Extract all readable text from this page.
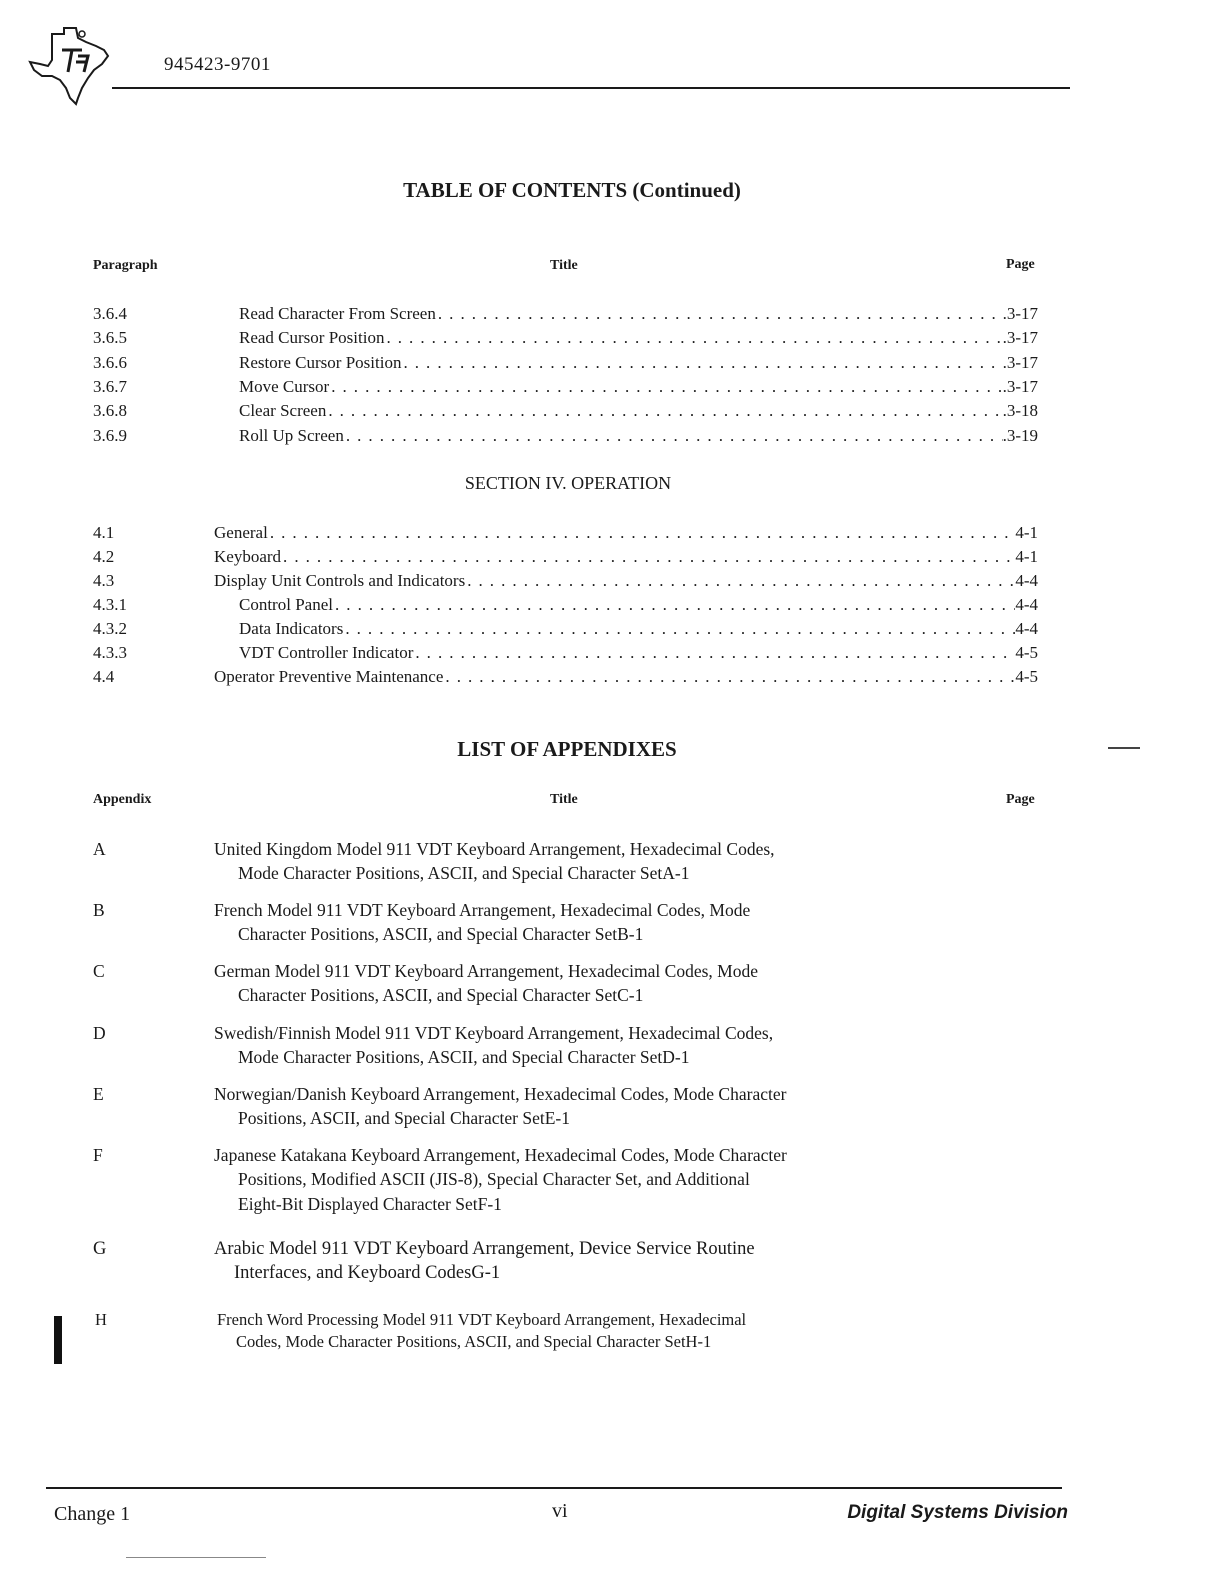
945423-9701
TABLE OF CONTENTS (Continued)
Paragraph	Title	Page
3.6.4	Read Character From Screen . . .	.3-17
3.6.5	Read Cursor Position . . .	.3-17
3.6.6	Restore Cursor Position . . .	.3-17
3.6.7	Move Cursor . . .	.3-17
3.6.8	Clear Screen . . .	.3-18
3.6.9	Roll Up Screen . . .	.3-19
SECTION IV. OPERATION
4.1	General . . .	4-1
4.2	Keyboard . . .	4-1
4.3	Display Unit Controls and Indicators . . .	4-4
4.3.1	Control Panel . . .	4-4
4.3.2	Data Indicators . . .	4-4
4.3.3	VDT Controller Indicator . . .	4-5
4.4	Operator Preventive Maintenance . . .	4-5
LIST OF APPENDIXES
Appendix	Title	Page
A	United Kingdom Model 911 VDT Keyboard Arrangement, Hexadecimal Codes,
Mode Character Positions, ASCII, and Special Character Set A-1
B	French Model 911 VDT Keyboard Arrangement, Hexadecimal Codes, Mode
Character Positions, ASCII, and Special Character Set B-1
C	German Model 911 VDT Keyboard Arrangement, Hexadecimal Codes, Mode
Character Positions, ASCII, and Special Character Set C-1
D	Swedish/Finnish Model 911 VDT Keyboard Arrangement, Hexadecimal Codes,
Mode Character Positions, ASCII, and Special Character Set D-1
E	Norwegian/Danish Keyboard Arrangement, Hexadecimal Codes, Mode Character
Positions, ASCII, and Special Character Set E-1
F	Japanese Katakana Keyboard Arrangement, Hexadecimal Codes, Mode Character
Positions, Modified ASCII (JIS-8), Special Character Set, and Additional
Eight-Bit Displayed Character Set F-1
G	Arabic Model 911 VDT Keyboard Arrangement, Device Service Routine
Interfaces, and Keyboard Codes G-1
H	French Word Processing Model 911 VDT Keyboard Arrangement, Hexadecimal
Codes, Mode Character Positions, ASCII, and Special Character Set H-1
Change 1	vi	Digital Systems Division
